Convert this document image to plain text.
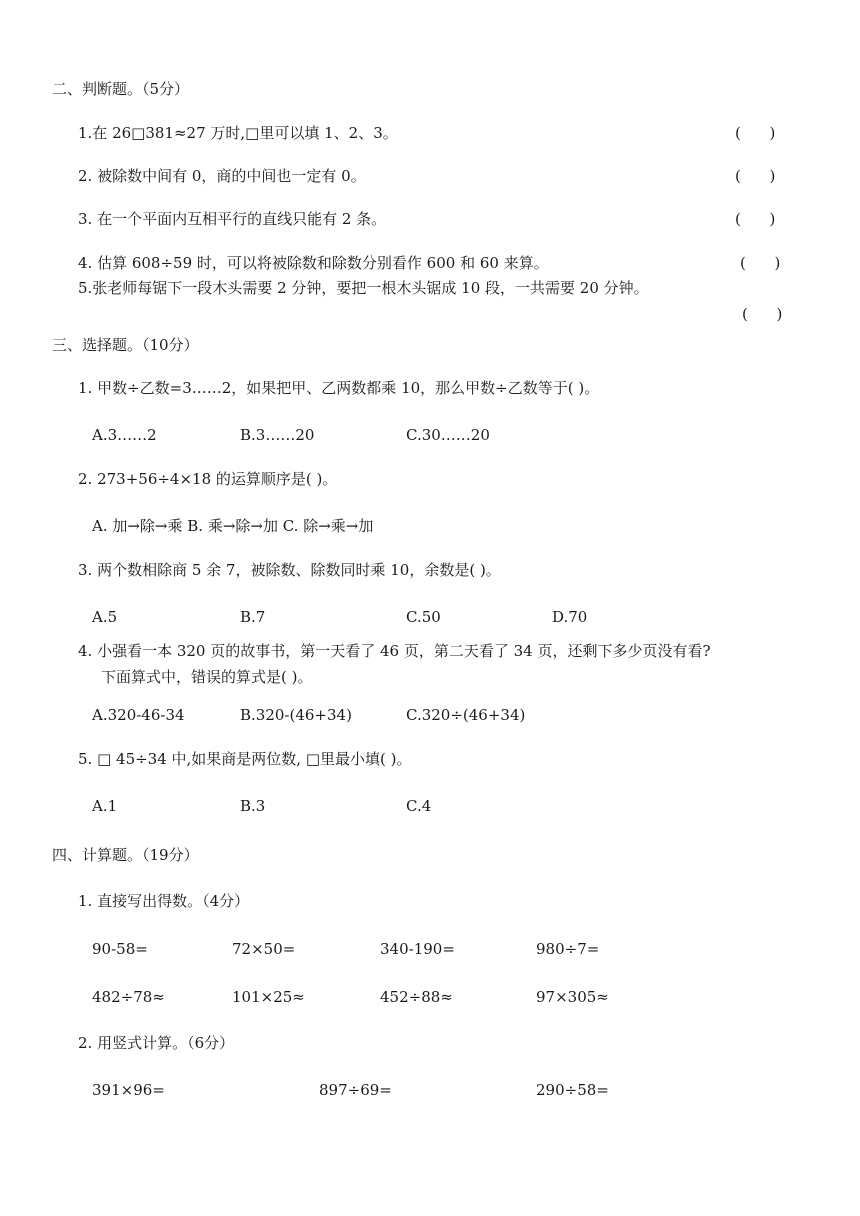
二、判断题。（5分）
1.在 26□381≈27 万时,□里可以填 1、2、3。	(      )
2. 被除数中间有 0，商的中间也一定有 0。	(      )
3. 在一个平面内互相平行的直线只能有 2 条。	(      )
4. 估算 608÷59 时，可以将被除数和除数分别看作 600 和 60 来算。	(      )
5.张老师每锯下一段木头需要 2 分钟，要把一根木头锯成 10 段，一共需要 20 分钟。
(      )
三、选择题。（10分）
1. 甲数÷乙数=3……2，如果把甲、乙两数都乘 10，那么甲数÷乙数等于( )。
A.3……2	B.3……20	C.30……20
2. 273+56÷4×18 的运算顺序是( )。
A. 加→除→乘 B. 乘→除→加 C. 除→乘→加
3. 两个数相除商 5 余 7，被除数、除数同时乘 10，余数是( )。
A.5	B.7	C.50	D.70
4. 小强看一本 320 页的故事书，第一天看了 46 页，第二天看了 34 页，还剩下多少页没有看?
下面算式中，错误的算式是( )。
A.320-46-34	B.320-(46+34)	C.320÷(46+34)
5. □ 45÷34 中,如果商是两位数, □里最小填( )。
A.1	B.3	C.4
四、计算题。（19分）
1. 直接写出得数。（4分）
90-58=	72×50=	340-190=	980÷7=
482÷78≈	101×25≈	452÷88≈	97×305≈
2. 用竖式计算。（6分）
391×96=	897÷69=	290÷58=
